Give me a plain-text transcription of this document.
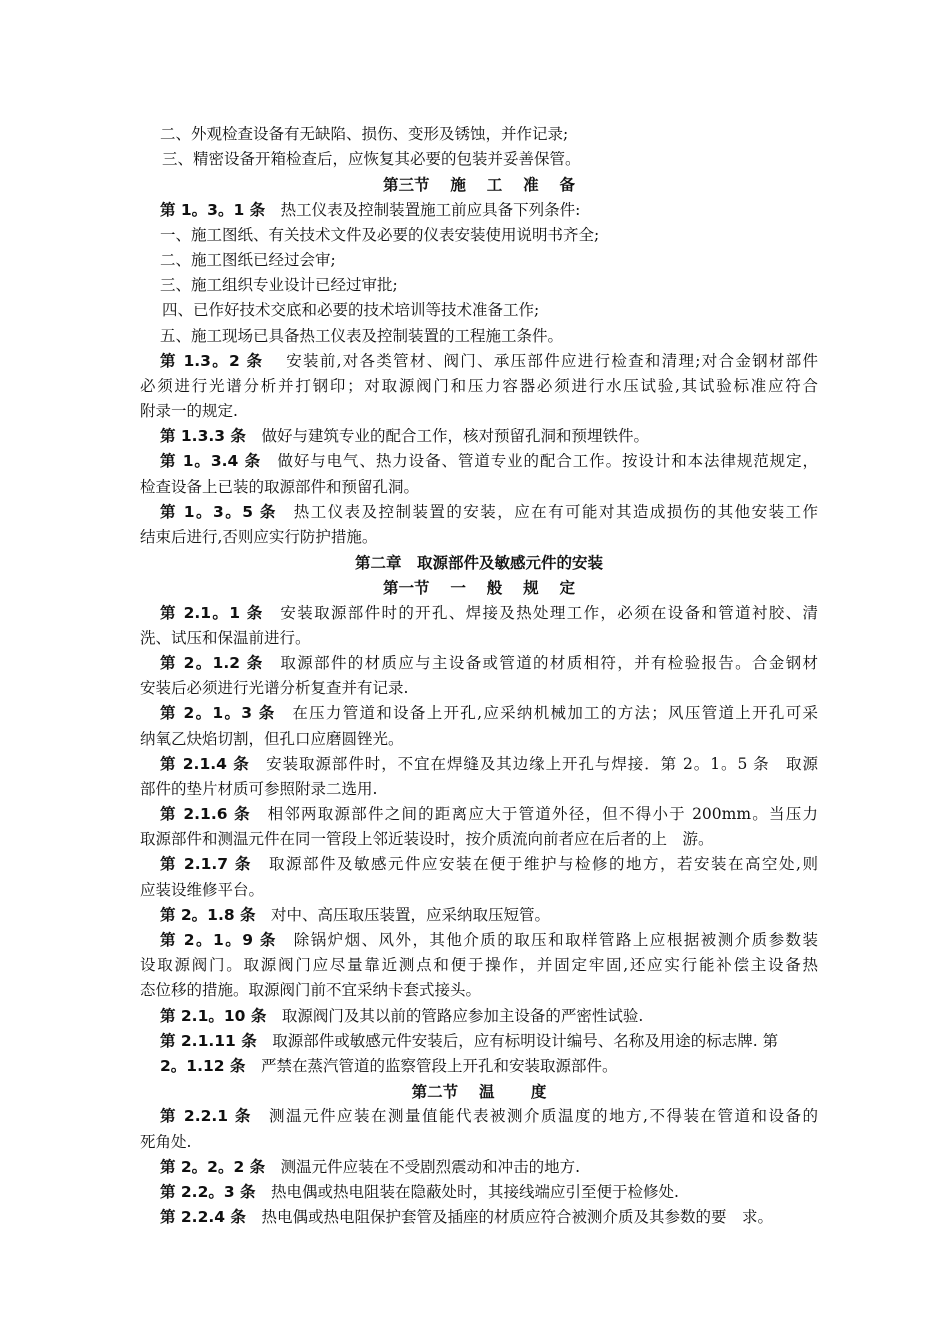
二、外观检查设备有无缺陷、损伤、变形及锈蚀，并作记录;
三、精密设备开箱检查后，应恢复其必要的包装并妥善保管。
第三节　 施　 工　 准　 备
第 1。3。1 条　热工仪表及控制装置施工前应具备下列条件:
一、施工图纸、有关技术文件及必要的仪表安装使用说明书齐全;
二、施工图纸已经过会审;
三、施工组织专业设计已经过审批;
四、已作好技术交底和必要的技术培训等技术准备工作;
五、施工现场已具备热工仪表及控制装置的工程施工条件。
第 1.3。2 条　 安装前,对各类管材、阀门、承压部件应进行检查和清理;对合金钢材部件
必须进行光谱分析并打钢印；对取源阀门和压力容器必须进行水压试验,其试验标准应符合
附录一的规定.
第 1.3.3 条　做好与建筑专业的配合工作，核对预留孔洞和预埋铁件。
第 1。3.4 条　做好与电气、热力设备、管道专业的配合工作。按设计和本法律规范规定，
检查设备上已装的取源部件和预留孔洞。
第 1。3。5 条　热工仪表及控制装置的安装，应在有可能对其造成损伤的其他安装工作
结束后进行,否则应实行防护措施。
第二章　取源部件及敏感元件的安装
第一节　 一　 般　 规　 定
第 2.1。1 条　安装取源部件时的开孔、焊接及热处理工作，必须在设备和管道衬胶、清
洗、试压和保温前进行。
第 2。1.2 条　取源部件的材质应与主设备或管道的材质相符，并有检验报告。合金钢材
安装后必须进行光谱分析复查并有记录.
第 2。1。3 条　在压力管道和设备上开孔,应采纳机械加工的方法；风压管道上开孔可采
纳氧乙炔焰切割，但孔口应磨圆锉光。
第 2.1.4 条　安装取源部件时，不宜在焊缝及其边缘上开孔与焊接．第 2。1。5 条　取源
部件的垫片材质可参照附录二选用.
第 2.1.6 条　相邻两取源部件之间的距离应大于管道外径，但不得小于 200mm。当压力
取源部件和测温元件在同一管段上邻近装设时，按介质流向前者应在后者的上　游。
第 2.1.7 条　取源部件及敏感元件应安装在便于维护与检修的地方，若安装在高空处,则
应装设维修平台。
第 2。1.8 条　对中、高压取压装置，应采纳取压短管。
第 2。1。9 条　除锅炉烟、风外，其他介质的取压和取样管路上应根据被测介质参数装
设取源阀门。取源阀门应尽量靠近测点和便于操作，并固定牢固,还应实行能补偿主设备热
态位移的措施。取源阀门前不宜采纳卡套式接头。
第 2.1。10 条　取源阀门及其以前的管路应参加主设备的严密性试验.
第 2.1.11 条　取源部件或敏感元件安装后，应有标明设计编号、名称及用途的标志牌. 第
2。1.12 条　严禁在蒸汽管道的监察管段上开孔和安装取源部件。
第二节　 温　　 度
第 2.2.1 条　测温元件应装在测量值能代表被测介质温度的地方,不得装在管道和设备的
死角处.
第 2。2。2 条　测温元件应装在不受剧烈震动和冲击的地方.
第 2.2。3 条　热电偶或热电阻装在隐蔽处时，其接线端应引至便于检修处.
第 2.2.4 条　热电偶或热电阻保护套管及插座的材质应符合被测介质及其参数的要　求。
